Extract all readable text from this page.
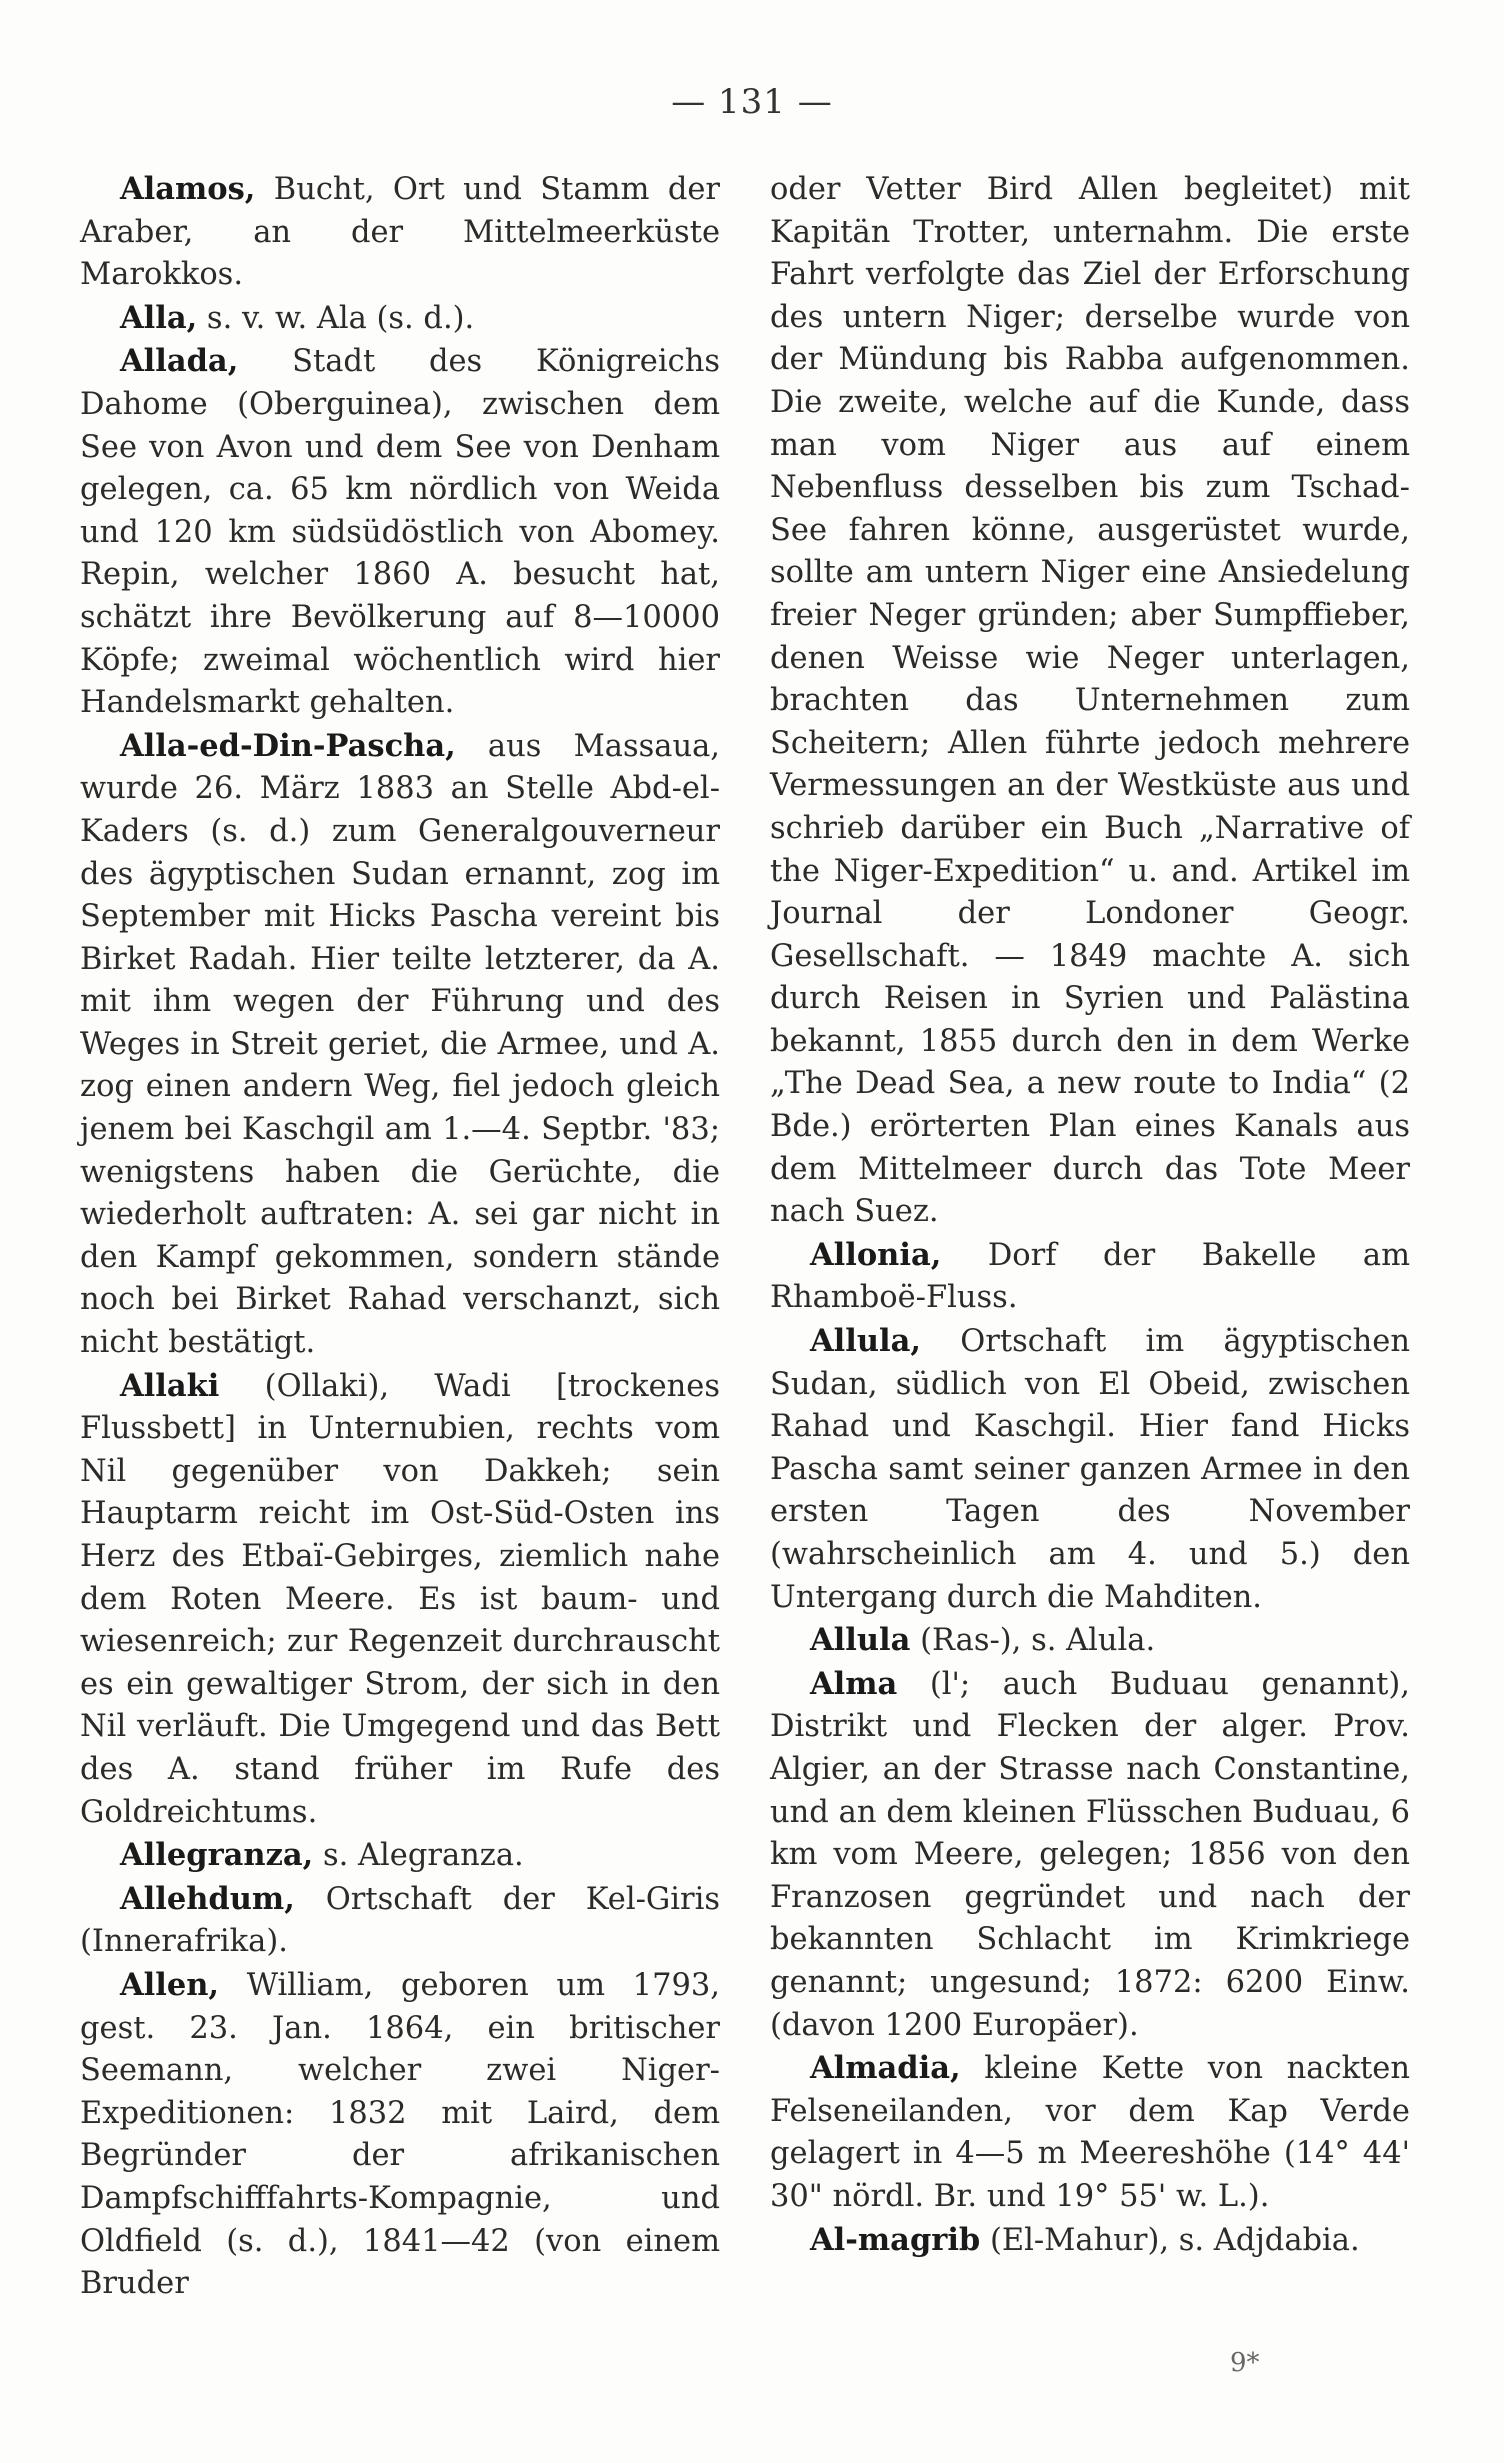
— 131 —

Alamos, Bucht, Ort und Stamm der Araber, an der Mittelmeerküste Marokkos.

Alla, s. v. w. Ala (s. d.).

Allada, Stadt des Königreichs Dahome (Oberguinea), zwischen dem See von Avon und dem See von Denham gelegen, ca. 65 km nördlich von Weida und 120 km südsüdöstlich von Abomey. Repin, welcher 1860 A. besucht hat, schätzt ihre Bevölkerung auf 8—10000 Köpfe; zweimal wöchentlich wird hier Handelsmarkt gehalten.

Alla-ed-Din-Pascha, aus Massaua, wurde 26. März 1883 an Stelle Abd-el-Kaders (s. d.) zum Generalgouverneur des ägyptischen Sudan ernannt, zog im September mit Hicks Pascha vereint bis Birket Radah. Hier teilte letzterer, da A. mit ihm wegen der Führung und des Weges in Streit geriet, die Armee, und A. zog einen andern Weg, fiel jedoch gleich jenem bei Kaschgil am 1.—4. Septbr. '83; wenigstens haben die Gerüchte, die wiederholt auftraten: A. sei gar nicht in den Kampf gekommen, sondern stände noch bei Birket Rahad verschanzt, sich nicht bestätigt.

Allaki (Ollaki), Wadi [trockenes Flussbett] in Unternubien, rechts vom Nil gegenüber von Dakkeh; sein Hauptarm reicht im Ost-Süd-Osten ins Herz des Etbaï-Gebirges, ziemlich nahe dem Roten Meere. Es ist baum- und wiesenreich; zur Regenzeit durchrauscht es ein gewaltiger Strom, der sich in den Nil verläuft. Die Umgegend und das Bett des A. stand früher im Rufe des Goldreichtums.

Allegranza, s. Alegranza.

Allehdum, Ortschaft der Kel-Giris (Innerafrika).

Allen, William, geboren um 1793, gest. 23. Jan. 1864, ein britischer Seemann, welcher zwei Niger-Expeditionen: 1832 mit Laird, dem Begründer der afrikanischen Dampfschifffahrts-Kompagnie, und Oldfield (s. d.), 1841—42 (von einem Bruder

oder Vetter Bird Allen begleitet) mit Kapitän Trotter, unternahm. Die erste Fahrt verfolgte das Ziel der Erforschung des untern Niger; derselbe wurde von der Mündung bis Rabba aufgenommen. Die zweite, welche auf die Kunde, dass man vom Niger aus auf einem Nebenfluss desselben bis zum Tschad-See fahren könne, ausgerüstet wurde, sollte am untern Niger eine Ansiedelung freier Neger gründen; aber Sumpffieber, denen Weisse wie Neger unterlagen, brachten das Unternehmen zum Scheitern; Allen führte jedoch mehrere Vermessungen an der Westküste aus und schrieb darüber ein Buch „Narrative of the Niger-Expedition“ u. and. Artikel im Journal der Londoner Geogr. Gesellschaft. — 1849 machte A. sich durch Reisen in Syrien und Palästina bekannt, 1855 durch den in dem Werke „The Dead Sea, a new route to India“ (2 Bde.) erörterten Plan eines Kanals aus dem Mittelmeer durch das Tote Meer nach Suez.

Allonia, Dorf der Bakelle am Rhamboë-Fluss.

Allula, Ortschaft im ägyptischen Sudan, südlich von El Obeid, zwischen Rahad und Kaschgil. Hier fand Hicks Pascha samt seiner ganzen Armee in den ersten Tagen des November (wahrscheinlich am 4. und 5.) den Untergang durch die Mahditen.

Allula (Ras-), s. Alula.

Alma (l'; auch Buduau genannt), Distrikt und Flecken der alger. Prov. Algier, an der Strasse nach Constantine, und an dem kleinen Flüsschen Buduau, 6 km vom Meere, gelegen; 1856 von den Franzosen gegründet und nach der bekannten Schlacht im Krimkriege genannt; ungesund; 1872: 6200 Einw. (davon 1200 Europäer).

Almadia, kleine Kette von nackten Felseneilanden, vor dem Kap Verde gelagert in 4—5 m Meereshöhe (14° 44' 30" nördl. Br. und 19° 55' w. L.).

Al-magrib (El-Mahur), s. Adjdabia.

9*
